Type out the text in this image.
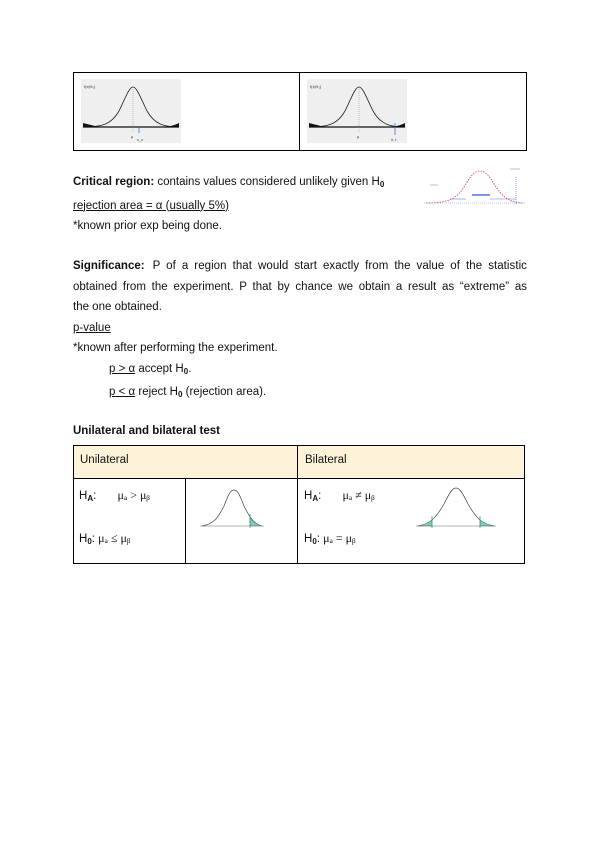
f(x|H₀)
μ
x_c
f(x|H₁)
μ
x̄, t
Critical region: contains values considered unlikely given $H_0$
rejection area = α (usually 5%)
*known prior exp being done.
Significance: P of a region that would start exactly from the value of the statistic
obtained from the experiment. P that by chance we obtain a result as “extreme” as
the one obtained.
p-value
*known after performing the experiment.
p > α accept $H_0$.
p < α reject $H_0$ (rejection area).
Unilateral and bilateral test
Unilateral	Bilateral
$H_A$: μₐ > μᵦ
$H_0$: μₐ ≤ μᵦ
$H_A$: μₐ ≠ μᵦ
$H_0$: μₐ = μᵦ
